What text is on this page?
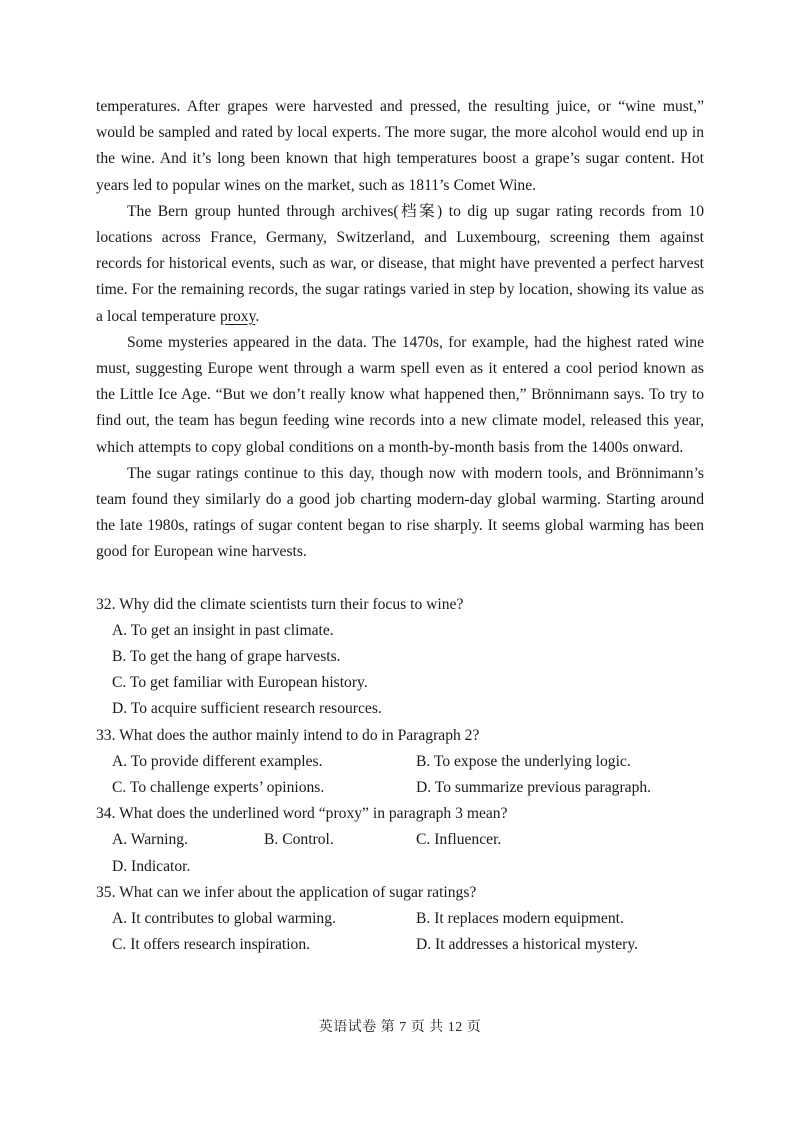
temperatures. After grapes were harvested and pressed, the resulting juice, or “wine must,” would be sampled and rated by local experts. The more sugar, the more alcohol would end up in the wine. And it’s long been known that high temperatures boost a grape’s sugar content. Hot years led to popular wines on the market, such as 1811’s Comet Wine.

The Bern group hunted through archives(档案) to dig up sugar rating records from 10 locations across France, Germany, Switzerland, and Luxembourg, screening them against records for historical events, such as war, or disease, that might have prevented a perfect harvest time. For the remaining records, the sugar ratings varied in step by location, showing its value as a local temperature proxy.

Some mysteries appeared in the data. The 1470s, for example, had the highest rated wine must, suggesting Europe went through a warm spell even as it entered a cool period known as the Little Ice Age. “But we don’t really know what happened then,” Brönnimann says. To try to find out, the team has begun feeding wine records into a new climate model, released this year, which attempts to copy global conditions on a month-by-month basis from the 1400s onward.

The sugar ratings continue to this day, though now with modern tools, and Brönnimann’s team found they similarly do a good job charting modern-day global warming. Starting around the late 1980s, ratings of sugar content began to rise sharply. It seems global warming has been good for European wine harvests.

32. Why did the climate scientists turn their focus to wine?

A. To get an insight in past climate.
B. To get the hang of grape harvests.
C. To get familiar with European history.
D. To acquire sufficient research resources.

33. What does the author mainly intend to do in Paragraph 2?

A. To provide different examples.	B. To expose the underlying logic.
C. To challenge experts’ opinions.	D. To summarize previous paragraph.

34. What does the underlined word “proxy” in paragraph 3 mean?

A. Warning.	B. Control.	C. Influencer.
D. Indicator.

35. What can we infer about the application of sugar ratings?

A. It contributes to global warming.	B. It replaces modern equipment.
C. It offers research inspiration.	D. It addresses a historical mystery.
英语试卷 第 7 页 共 12 页
